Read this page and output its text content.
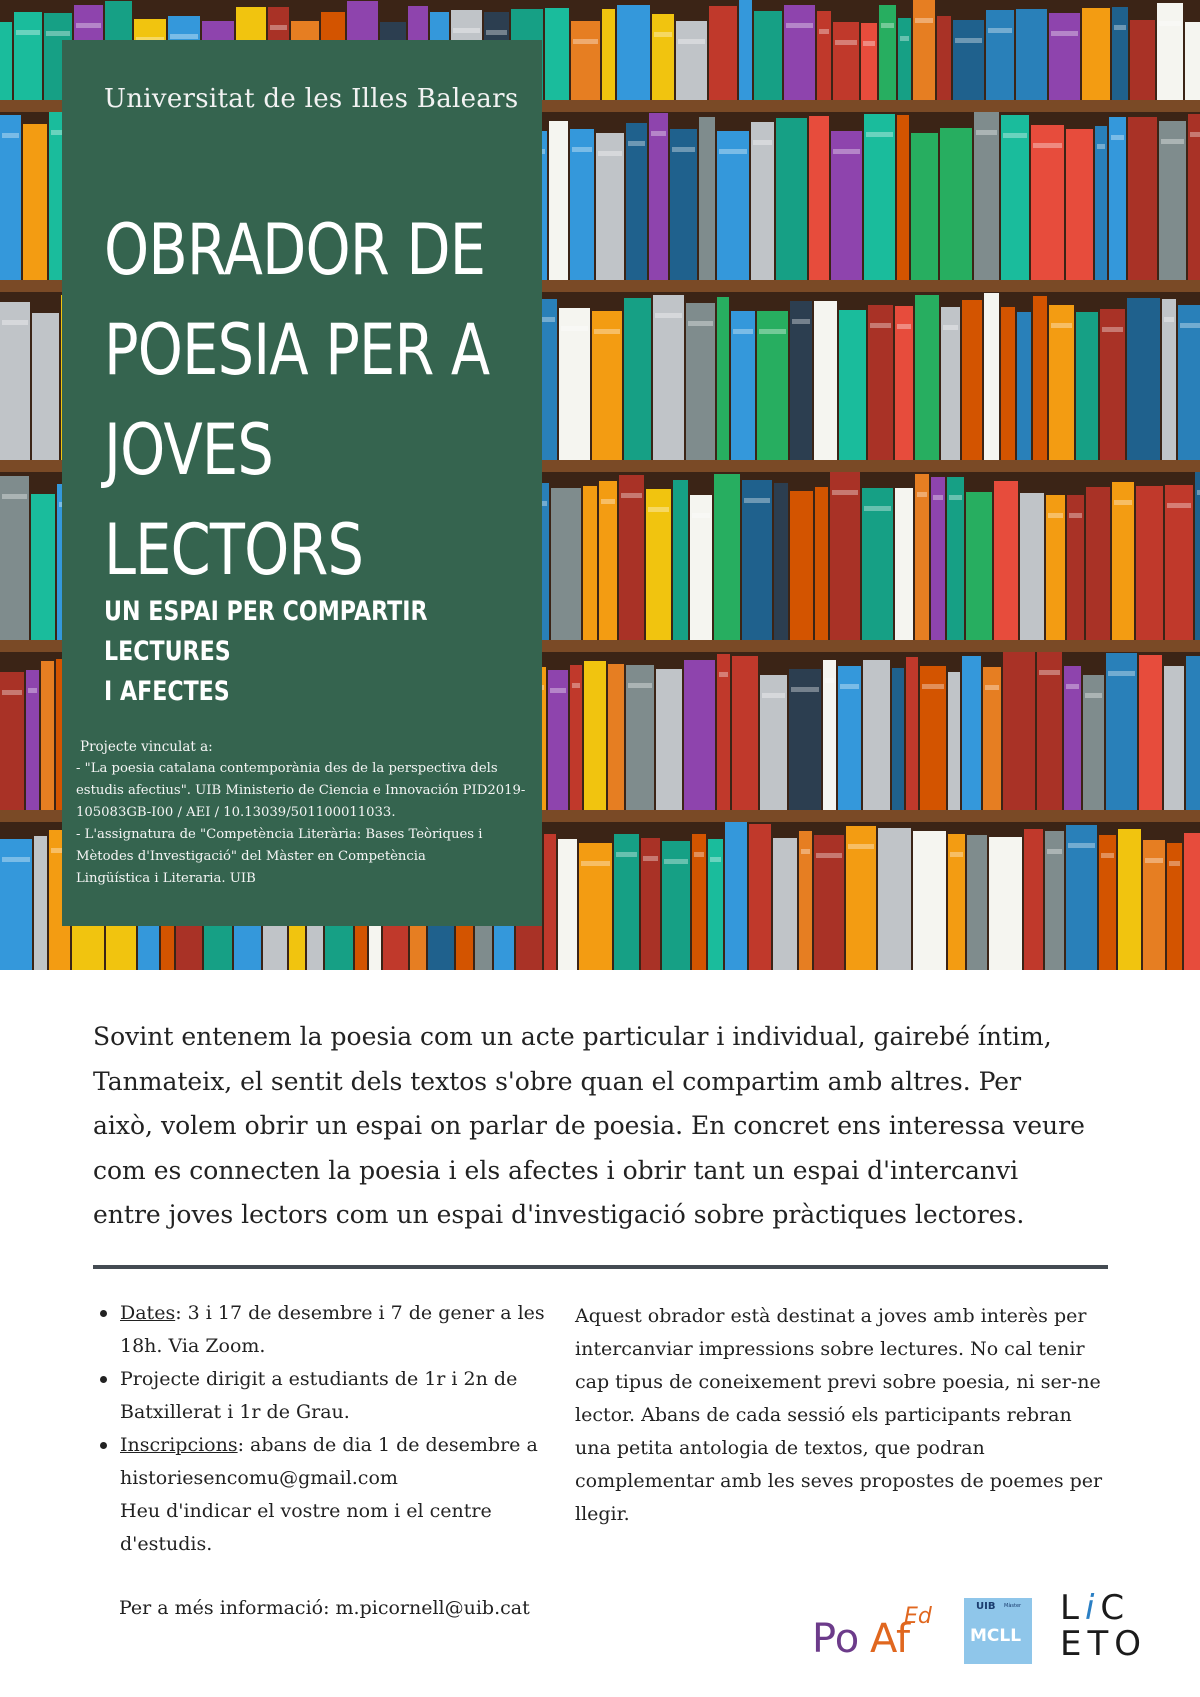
Universitat de les Illes Balears
OBRADOR DE
POESIA PER A
JOVES
LECTORS
UN ESPAI PER COMPARTIR LECTURES
I AFECTES
Projecte vinculat a:
- "La poesia catalana contemporània des de la perspectiva dels
estudis afectius". UIB Ministerio de Ciencia e Innovación PID2019-
105083GB-I00 / AEI / 10.13039/501100011033.
- L'assignatura de "Competència Literària: Bases Teòriques i
Mètodes d'Investigació" del Màster en Competència
Lingüística i Literaria. UIB

Sovint entenem la poesia com un acte particular i individual, gairebé íntim,
Tanmateix, el sentit dels textos s'obre quan el compartim amb altres. Per
això, volem obrir un espai on parlar de poesia. En concret ens interessa veure
com es connecten la poesia i els afectes i obrir tant un espai d'intercanvi
entre joves lectors com un espai d'investigació sobre pràctiques lectores.

Dates: 3 i 17 de desembre i 7 de gener a les 18h. Via Zoom.
Projecte dirigit a estudiants de 1r i 2n de Batxillerat i 1r de Grau.
Inscripcions: abans de dia 1 de desembre a historiesencomu@gmail.com
Heu d'indicar el vostre nom i el centre d'estudis.
Aquest obrador està destinat a joves amb interès per
intercanviar impressions sobre lectures. No cal tenir
cap tipus de coneixement previ sobre poesia, ni ser-ne
lector. Abans de cada sessió els participants rebran
una petita antologia de textos, que podran
complementar amb les seves propostes de poemes per
llegir.
Per a més informació: m.picornell@uib.cat
Po Af
Ed	UIB Màster
MCLL
LiC
ETO
